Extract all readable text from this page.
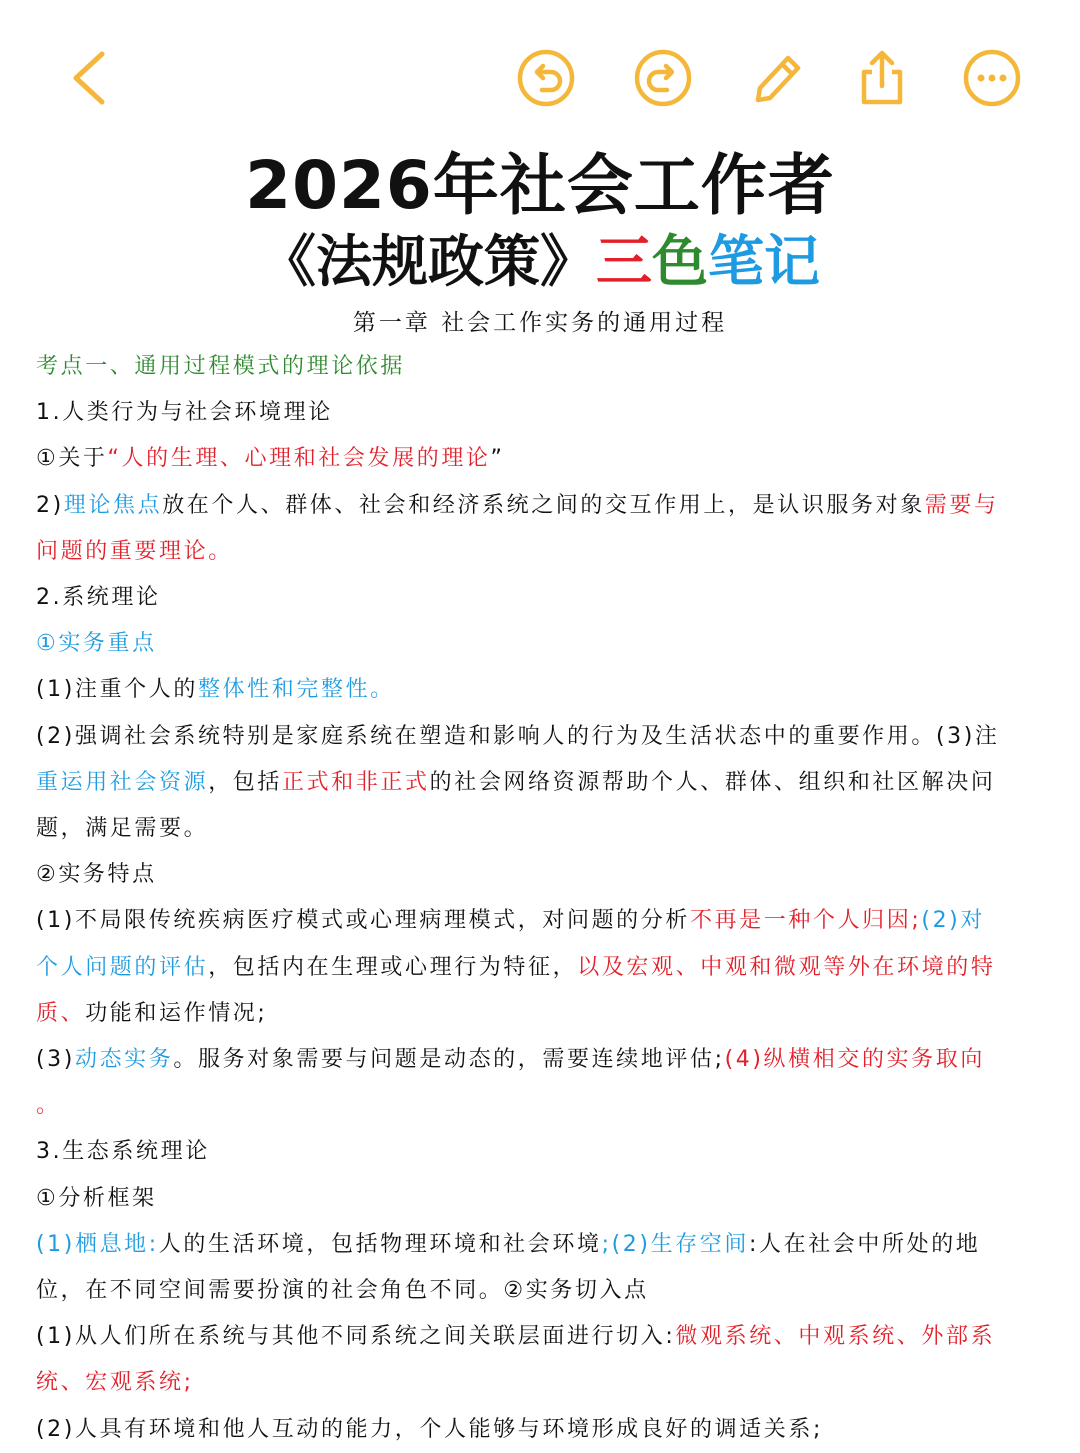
2026年社会工作者
《法规政策》三色笔记
第一章 社会工作实务的通用过程
考点一、通用过程模式的理论依据
1.人类行为与社会环境理论
①关于“人的生理、心理和社会发展的理论”
2)理论焦点放在个人、群体、社会和经济系统之间的交互作用上，是认识服务对象需要与
问题的重要理论。
2.系统理论
①实务重点
(1)注重个人的整体性和完整性。
(2)强调社会系统特别是家庭系统在塑造和影响人的行为及生活状态中的重要作用。(3)注
重运用社会资源，包括正式和非正式的社会网络资源帮助个人、群体、组织和社区解决问
题，满足需要。
②实务特点
(1)不局限传统疾病医疗模式或心理病理模式，对问题的分析不再是一种个人归因;(2)对
个人问题的评估，包括内在生理或心理行为特征，以及宏观、中观和微观等外在环境的特
质、功能和运作情况;
(3)动态实务。服务对象需要与问题是动态的，需要连续地评估;(4)纵横相交的实务取向
。
3.生态系统理论
①分析框架
(1)栖息地:人的生活环境，包括物理环境和社会环境;(2)生存空间:人在社会中所处的地
位，在不同空间需要扮演的社会角色不同。②实务切入点
(1)从人们所在系统与其他不同系统之间关联层面进行切入:微观系统、中观系统、外部系
统、宏观系统;
(2)人具有环境和他人互动的能力，个人能够与环境形成良好的调适关系;
